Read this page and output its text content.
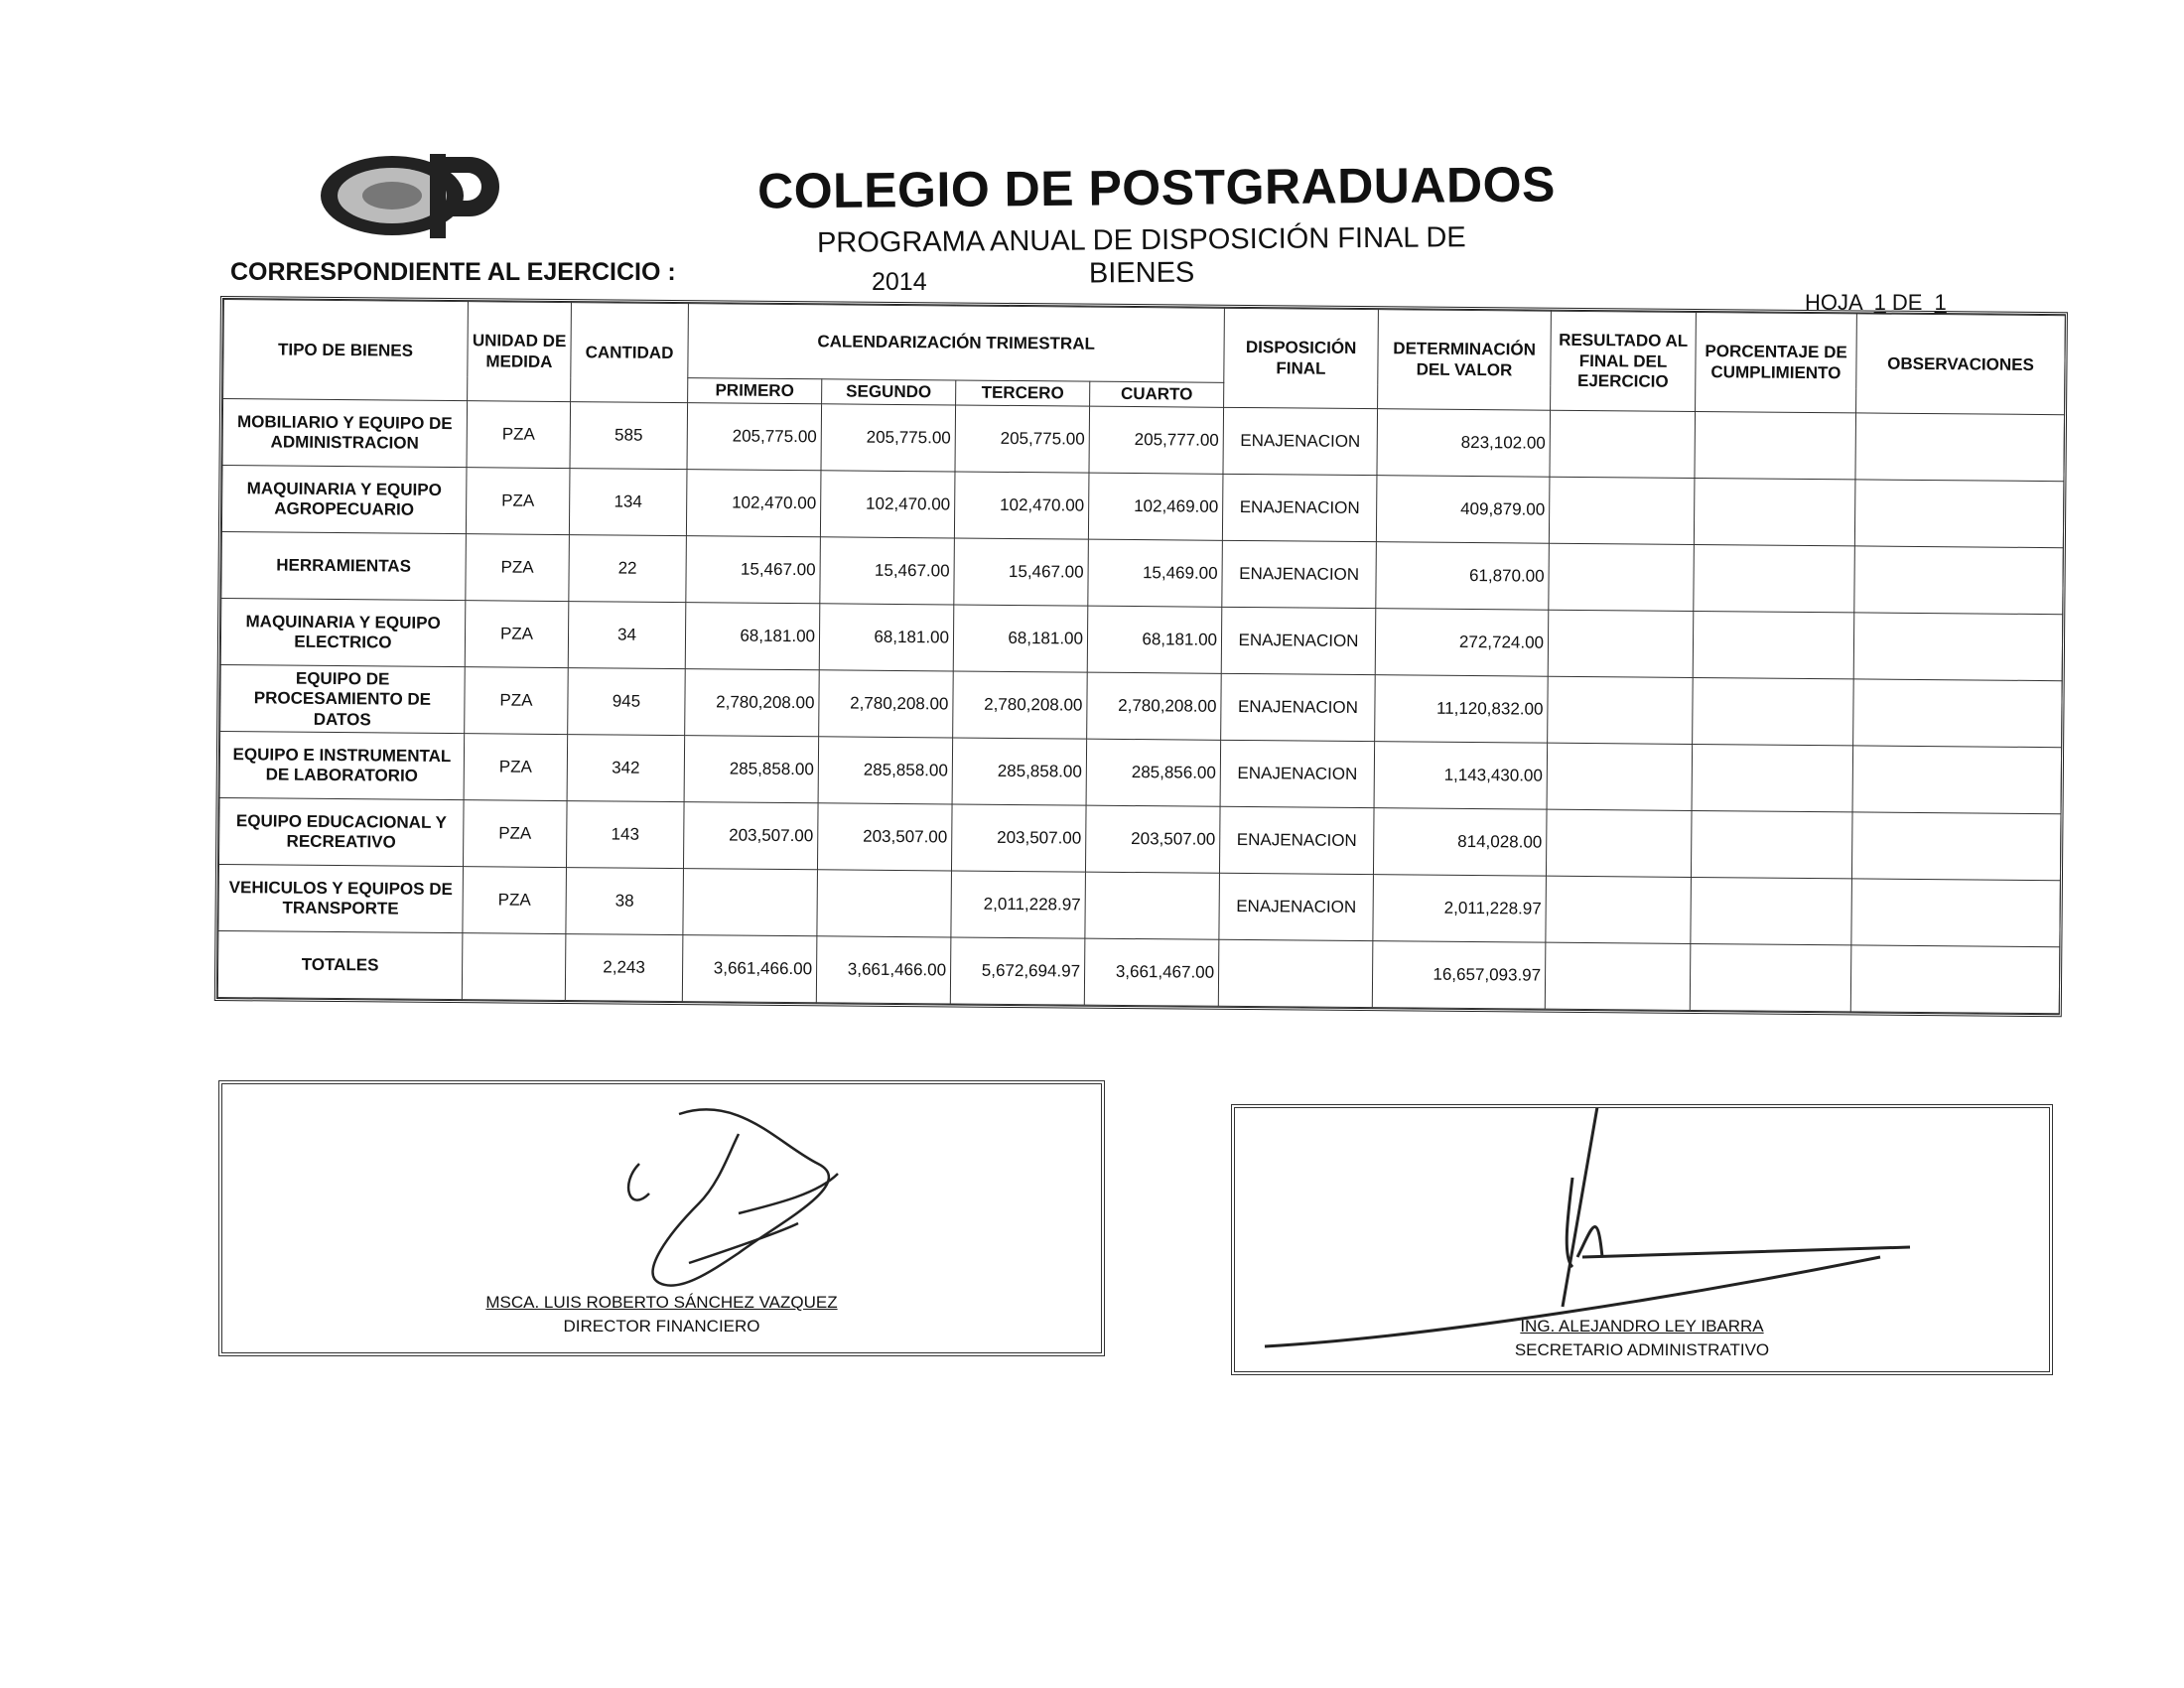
COLEGIO DE POSTGRADUADOS
PROGRAMA ANUAL DE DISPOSICIÓN FINAL DE BIENES
CORRESPONDIENTE AL EJERCICIO :	2014
HOJA 1 DE 1
TIPO DE BIENES	UNIDAD DE MEDIDA	CANTIDAD	CALENDARIZACIÓN TRIMESTRAL				DISPOSICIÓN FINAL	DETERMINACIÓN DEL VALOR	RESULTADO AL FINAL DEL EJERCICIO	PORCENTAJE DE CUMPLIMIENTO	OBSERVACIONES
			PRIMERO	SEGUNDO	TERCERO	CUARTO					
MOBILIARIO Y EQUIPO DE ADMINISTRACION	PZA	585	205,775.00	205,775.00	205,775.00	205,777.00	ENAJENACION	823,102.00			
MAQUINARIA Y EQUIPO AGROPECUARIO	PZA	134	102,470.00	102,470.00	102,470.00	102,469.00	ENAJENACION	409,879.00			
HERRAMIENTAS	PZA	22	15,467.00	15,467.00	15,467.00	15,469.00	ENAJENACION	61,870.00			
MAQUINARIA Y EQUIPO ELECTRICO	PZA	34	68,181.00	68,181.00	68,181.00	68,181.00	ENAJENACION	272,724.00			
EQUIPO DE PROCESAMIENTO DE DATOS	PZA	945	2,780,208.00	2,780,208.00	2,780,208.00	2,780,208.00	ENAJENACION	11,120,832.00			
EQUIPO E INSTRUMENTAL DE LABORATORIO	PZA	342	285,858.00	285,858.00	285,858.00	285,856.00	ENAJENACION	1,143,430.00			
EQUIPO EDUCACIONAL Y RECREATIVO	PZA	143	203,507.00	203,507.00	203,507.00	203,507.00	ENAJENACION	814,028.00			
VEHICULOS Y EQUIPOS DE TRANSPORTE	PZA	38			2,011,228.97		ENAJENACION	2,011,228.97			
TOTALES		2,243	3,661,466.00	3,661,466.00	5,672,694.97	3,661,467.00		16,657,093.97			
MSCA. LUIS ROBERTO SÁNCHEZ VAZQUEZ
DIRECTOR FINANCIERO	ING. ALEJANDRO LEY IBARRA
SECRETARIO ADMINISTRATIVO
